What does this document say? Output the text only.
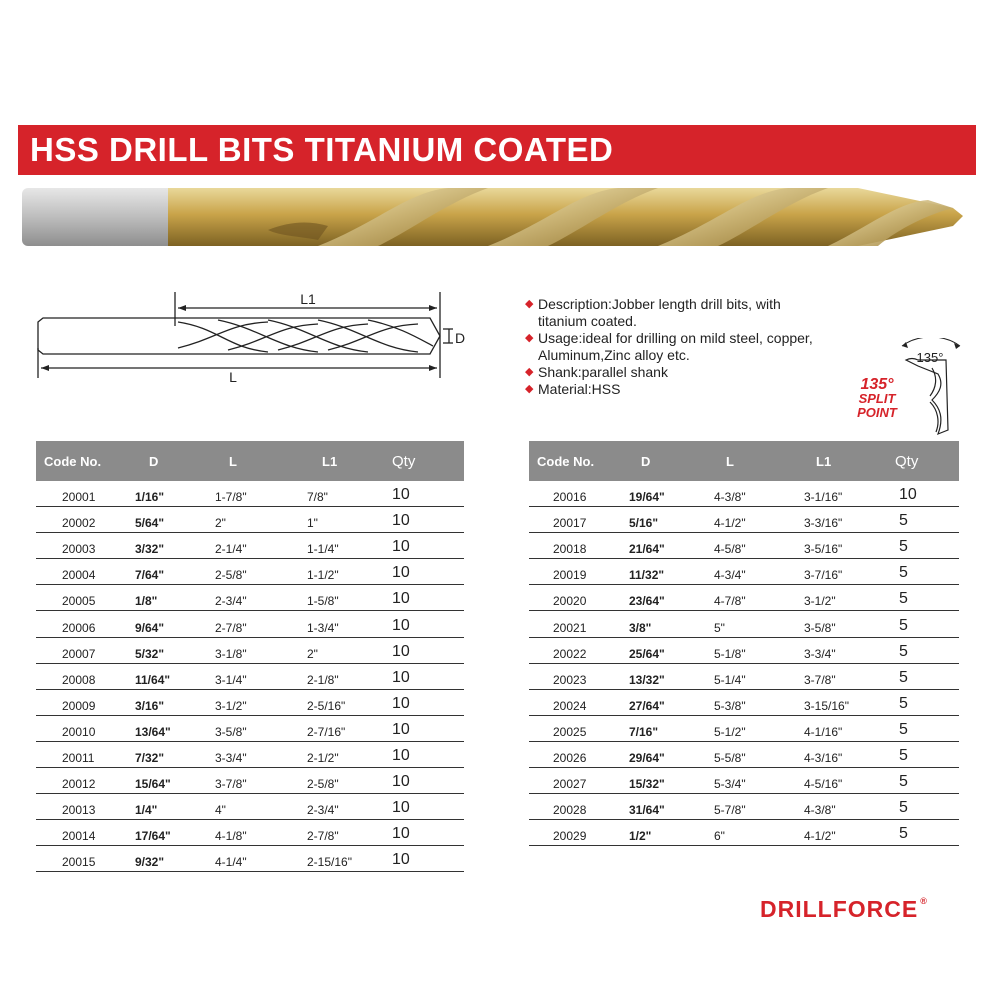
HSS DRILL BITS TITANIUM COATED
L1
L
D
◆ Description:Jobber length drill bits, with titanium coated.
◆ Usage:ideal for drilling on mild steel, copper, Aluminum,Zinc alloy etc.
◆ Shank:parallel shank
◆ Material:HSS
135°
135°
SPLIT
POINT
Code No.	D	L	L1	Qty
20001	1/16"	1-7/8"	7/8"	10
20002	5/64"	2"	1"	10
20003	3/32"	2-1/4"	1-1/4"	10
20004	7/64"	2-5/8"	1-1/2"	10
20005	1/8"	2-3/4"	1-5/8"	10
20006	9/64"	2-7/8"	1-3/4"	10
20007	5/32"	3-1/8"	2"	10
20008	11/64"	3-1/4"	2-1/8"	10
20009	3/16"	3-1/2"	2-5/16"	10
20010	13/64"	3-5/8"	2-7/16"	10
20011	7/32"	3-3/4"	2-1/2"	10
20012	15/64"	3-7/8"	2-5/8"	10
20013	1/4"	4"	2-3/4"	10
20014	17/64"	4-1/8"	2-7/8"	10
20015	9/32"	4-1/4"	2-15/16"	10
Code No.	D	L	L1	Qty
20016	19/64"	4-3/8"	3-1/16"	10
20017	5/16"	4-1/2"	3-3/16"	5
20018	21/64"	4-5/8"	3-5/16"	5
20019	11/32"	4-3/4"	3-7/16"	5
20020	23/64"	4-7/8"	3-1/2"	5
20021	3/8"	5"	3-5/8"	5
20022	25/64"	5-1/8"	3-3/4"	5
20023	13/32"	5-1/4"	3-7/8"	5
20024	27/64"	5-3/8"	3-15/16"	5
20025	7/16"	5-1/2"	4-1/16"	5
20026	29/64"	5-5/8"	4-3/16"	5
20027	15/32"	5-3/4"	4-5/16"	5
20028	31/64"	5-7/8"	4-3/8"	5
20029	1/2"	6"	4-1/2"	5
DRILLFORCE ®
